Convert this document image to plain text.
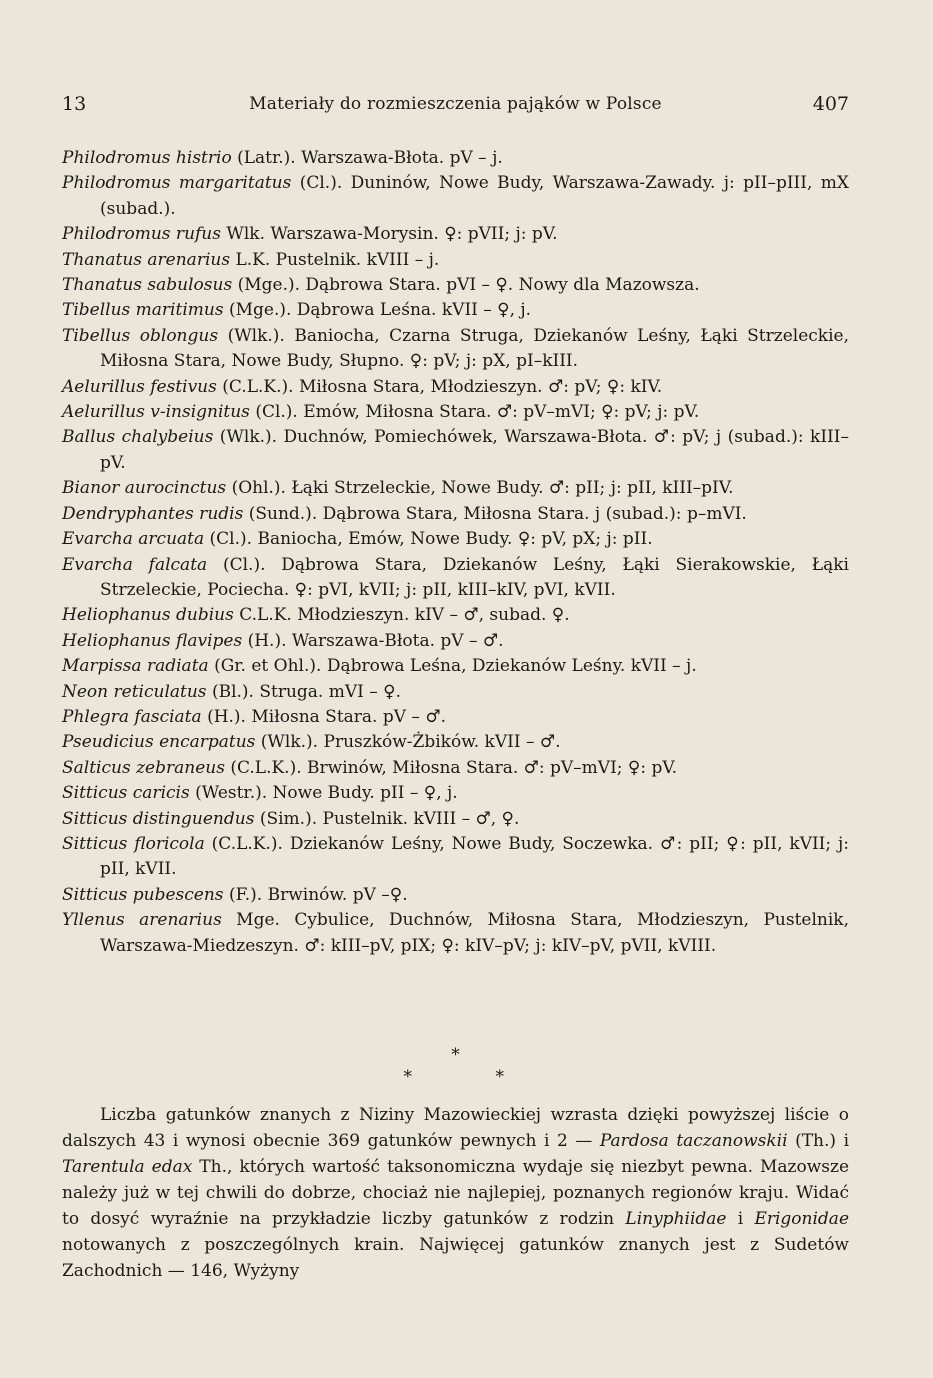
13	Materiały do rozmieszczenia pająków w Polsce	407
Philodromus histrio (Latr.). Warszawa-Błota. pV – j.
Philodromus margaritatus (Cl.). Duninów, Nowe Budy, Warszawa-Zawady. j: pII–pIII, mX (subad.).
Philodromus rufus Wlk. Warszawa-Morysin. ♀: pVII; j: pV.
Thanatus arenarius L.K. Pustelnik. kVIII – j.
Thanatus sabulosus (Mge.). Dąbrowa Stara. pVI – ♀. Nowy dla Mazowsza.
Tibellus maritimus (Mge.). Dąbrowa Leśna. kVII – ♀, j.
Tibellus oblongus (Wlk.). Baniocha, Czarna Struga, Dziekanów Leśny, Łąki Strzeleckie, Miłosna Stara, Nowe Budy, Słupno. ♀: pV; j: pX, pI–kIII.
Aelurillus festivus (C.L.K.). Miłosna Stara, Młodzieszyn. ♂: pV; ♀: kIV.
Aelurillus v-insignitus (Cl.). Emów, Miłosna Stara. ♂: pV–mVI; ♀: pV; j: pV.
Ballus chalybeius (Wlk.). Duchnów, Pomiechówek, Warszawa-Błota. ♂: pV; j (subad.): kIII–pV.
Bianor aurocinctus (Ohl.). Łąki Strzeleckie, Nowe Budy. ♂: pII; j: pII, kIII–pIV.
Dendryphantes rudis (Sund.). Dąbrowa Stara, Miłosna Stara. j (subad.): p–mVI.
Evarcha arcuata (Cl.). Baniocha, Emów, Nowe Budy. ♀: pV, pX; j: pII.
Evarcha falcata (Cl.). Dąbrowa Stara, Dziekanów Leśny, Łąki Sierakowskie, Łąki Strzeleckie, Pociecha. ♀: pVI, kVII; j: pII, kIII–kIV, pVI, kVII.
Heliophanus dubius C.L.K. Młodzieszyn. kIV – ♂, subad. ♀.
Heliophanus flavipes (H.). Warszawa-Błota. pV – ♂.
Marpissa radiata (Gr. et Ohl.). Dąbrowa Leśna, Dziekanów Leśny. kVII – j.
Neon reticulatus (Bl.). Struga. mVI – ♀.
Phlegra fasciata (H.). Miłosna Stara. pV – ♂.
Pseudicius encarpatus (Wlk.). Pruszków-Żbików. kVII – ♂.
Salticus zebraneus (C.L.K.). Brwinów, Miłosna Stara. ♂: pV–mVI; ♀: pV.
Sitticus caricis (Westr.). Nowe Budy. pII – ♀, j.
Sitticus distinguendus (Sim.). Pustelnik. kVIII – ♂, ♀.
Sitticus floricola (C.L.K.). Dziekanów Leśny, Nowe Budy, Soczewka. ♂: pII; ♀: pII, kVII; j: pII, kVII.
Sitticus pubescens (F.). Brwinów. pV –♀.
Yllenus arenarius Mge. Cybulice, Duchnów, Miłosna Stara, Młodzieszyn, Pustelnik, Warszawa-Miedzeszyn. ♂: kIII–pV, pIX; ♀: kIV–pV; j: kIV–pV, pVII, kVIII.
*
*	*
Liczba gatunków znanych z Niziny Mazowieckiej wzrasta dzięki powyższej liście o dalszych 43 i wynosi obecnie 369 gatunków pewnych i 2 — Pardosa taczanowskii (Th.) i Tarentula edax Th., których wartość taksonomiczna wydaje się niezbyt pewna. Mazowsze należy już w tej chwili do dobrze, chociaż nie najlepiej, poznanych regionów kraju. Widać to dosyć wyraźnie na przykładzie liczby gatunków z rodzin Linyphiidae i Erigonidae notowanych z poszczególnych krain. Najwięcej gatunków znanych jest z Sudetów Zachodnich — 146, Wyżyny
